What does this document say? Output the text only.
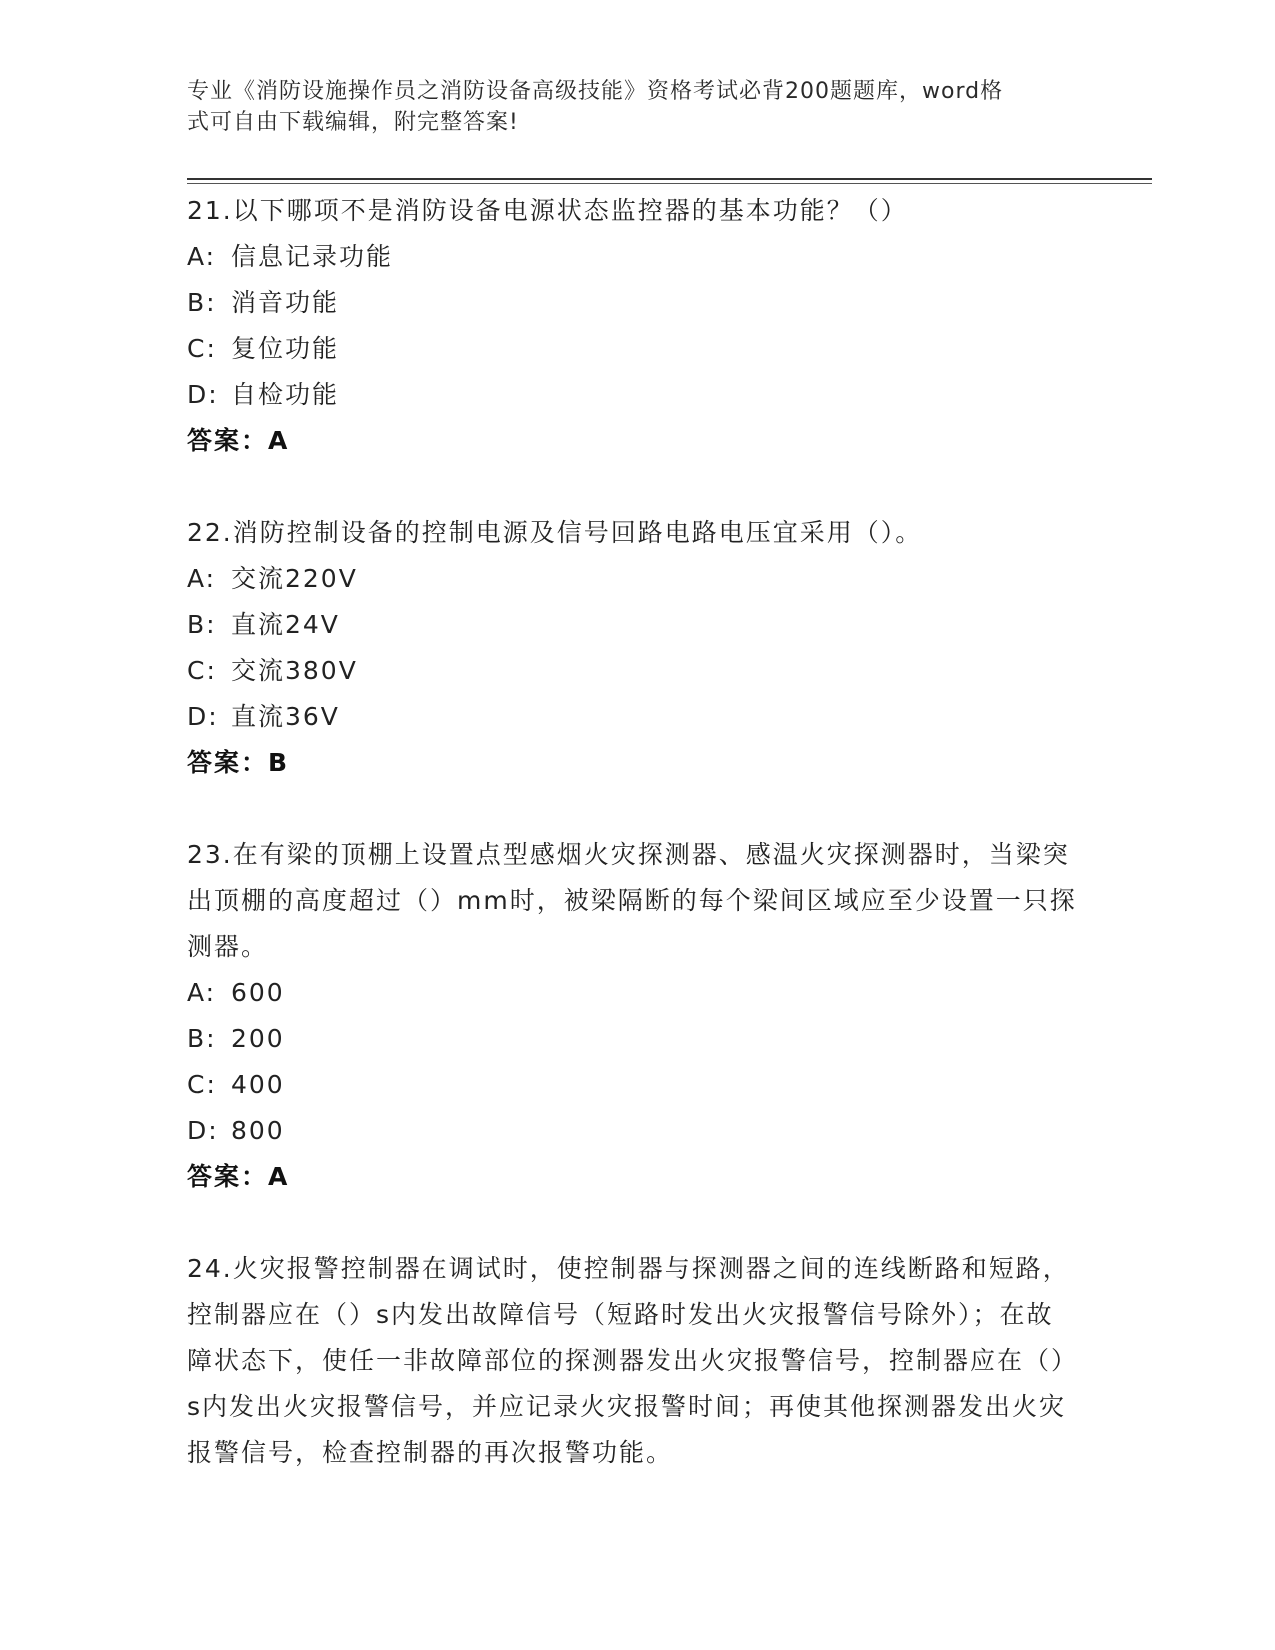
专业《消防设施操作员之消防设备高级技能》资格考试必背200题题库，word格
式可自由下载编辑，附完整答案!
21.以下哪项不是消防设备电源状态监控器的基本功能？（）
A: 信息记录功能
B: 消音功能
C: 复位功能
D: 自检功能
答案：A
22.消防控制设备的控制电源及信号回路电路电压宜采用（）。
A: 交流220V
B: 直流24V
C: 交流380V
D: 直流36V
答案：B
23.在有梁的顶棚上设置点型感烟火灾探测器、感温火灾探测器时，当梁突出顶棚的高度超过（）mm时，被梁隔断的每个梁间区域应至少设置一只探测器。
A: 600
B: 200
C: 400
D: 800
答案：A
24.火灾报警控制器在调试时，使控制器与探测器之间的连线断路和短路，控制器应在（）s内发出故障信号（短路时发出火灾报警信号除外）；在故障状态下，使任一非故障部位的探测器发出火灾报警信号，控制器应在（）s内发出火灾报警信号，并应记录火灾报警时间；再使其他探测器发出火灾报警信号，检查控制器的再次报警功能。
